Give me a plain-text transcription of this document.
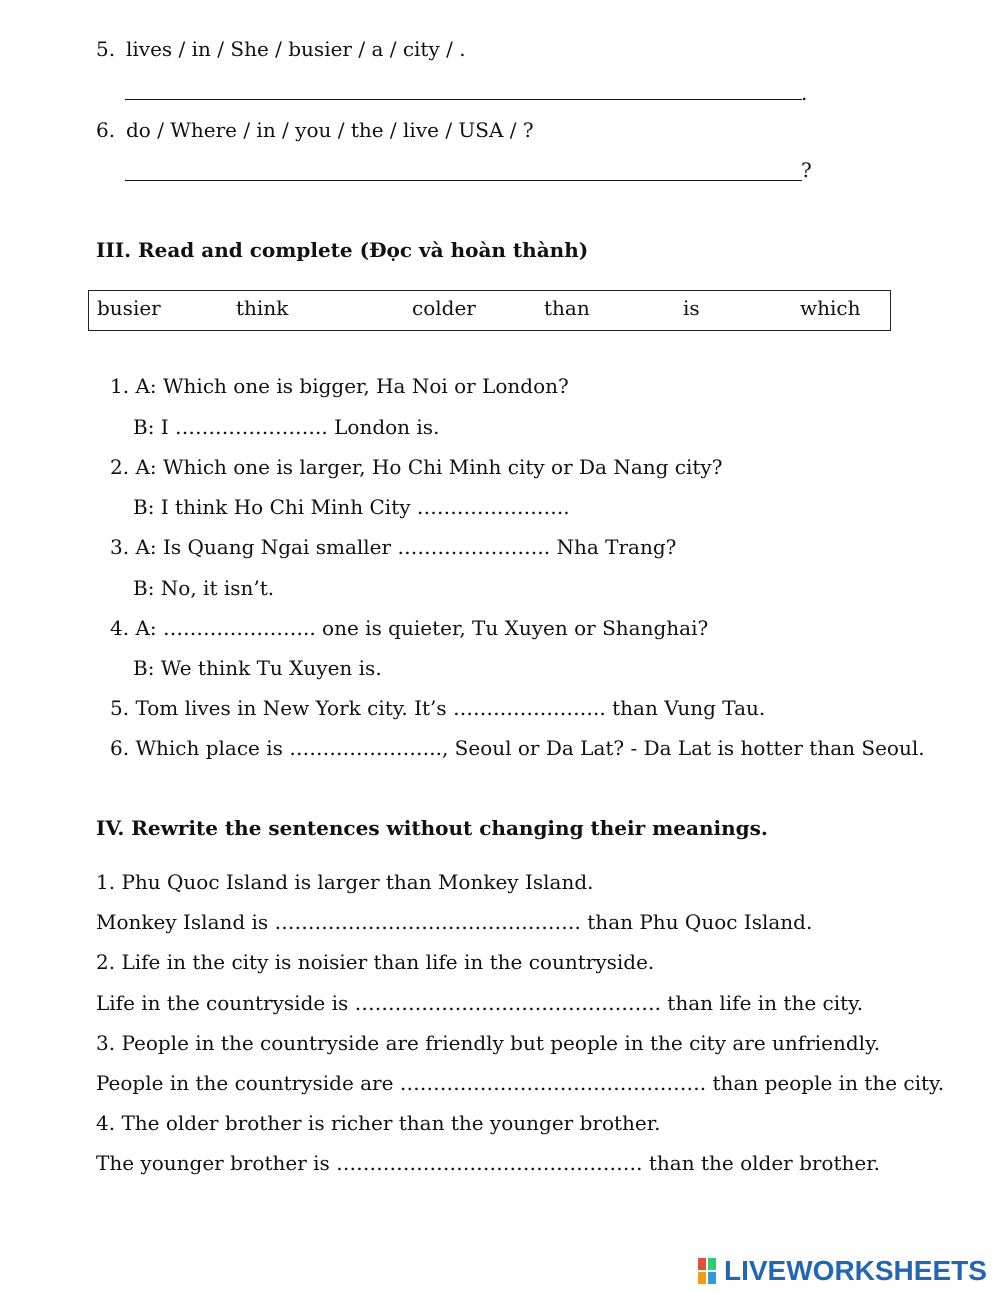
5. lives / in / She / busier / a / city / .
.
6. do / Where / in / you / the / live / USA / ?
?
III. Read and complete (Đọc và hoàn thành)
busier	think	colder	than	is	which
1. A: Which one is bigger, Ha Noi or London?
B: I ………………….. London is.
2. A: Which one is larger, Ho Chi Minh city or Da Nang city?
B: I think Ho Chi Minh City …………………..
3. A: Is Quang Ngai smaller ………………….. Nha Trang?
B: No, it isn’t.
4. A: ………………….. one is quieter, Tu Xuyen or Shanghai?
B: We think Tu Xuyen is.
5. Tom lives in New York city. It’s ………………….. than Vung Tau.
6. Which place is ………………….., Seoul or Da Lat? - Da Lat is hotter than Seoul.
IV. Rewrite the sentences without changing their meanings.
1. Phu Quoc Island is larger than Monkey Island.
Monkey Island is ………………………………………. than Phu Quoc Island.
2. Life in the city is noisier than life in the countryside.
Life in the countryside is ………………………………………. than life in the city.
3. People in the countryside are friendly but people in the city are unfriendly.
People in the countryside are ………………………………………. than people in the city.
4. The older brother is richer than the younger brother.
The younger brother is ………………………………………. than the older brother.
LIVEWORKSHEETS
